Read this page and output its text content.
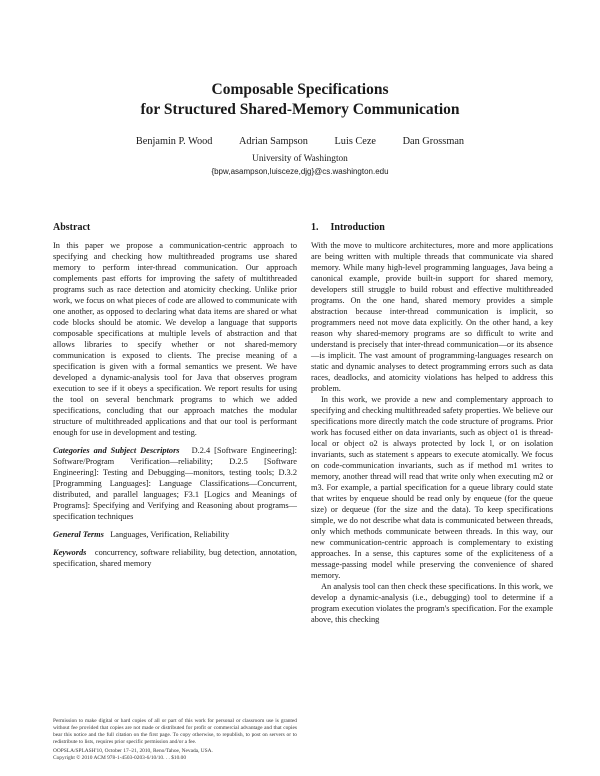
Composable Specifications
for Structured Shared-Memory Communication
Benjamin P. Wood	Adrian Sampson	Luis Ceze	Dan Grossman
University of Washington
{bpw,asampson,luisceze,djg}@cs.washington.edu
Abstract

In this paper we propose a communication-centric approach to specifying and checking how multithreaded programs use shared memory to perform inter-thread communication. Our approach complements past efforts for improving the safety of multithreaded programs such as race detection and atomicity checking. Unlike prior work, we focus on what pieces of code are allowed to communicate with one another, as opposed to declaring what data items are shared or what code blocks should be atomic. We develop a language that supports composable specifications at multiple levels of abstraction and that allows libraries to specify whether or not shared-memory communication is exposed to clients. The precise meaning of a specification is given with a formal semantics we present. We have developed a dynamic-analysis tool for Java that observes program execution to see if it obeys a specification. We report results for using the tool on several benchmark programs to which we added specifications, concluding that our approach matches the modular structure of multithreaded applications and that our tool is performant enough for use in development and testing.

Categories and Subject Descriptors D.2.4 [Software Engineering]: Software/Program Verification—reliability; D.2.5 [Software Engineering]: Testing and Debugging—monitors, testing tools; D.3.2 [Programming Languages]: Language Classifications—Concurrent, distributed, and parallel languages; F3.1 [Logics and Meanings of Programs]: Specifying and Verifying and Reasoning about programs—specification techniques

General Terms Languages, Verification, Reliability

Keywords concurrency, software reliability, bug detection, annotation, specification, shared memory

Permission to make digital or hard copies of all or part of this work for personal or classroom use is granted without fee provided that copies are not made or distributed for profit or commercial advantage and that copies bear this notice and the full citation on the first page. To copy otherwise, to republish, to post on servers or to redistribute to lists, requires prior specific permission and/or a fee.

OOPSLA/SPLASH'10, October 17–21, 2010, Reno/Tahoe, Nevada, USA.

Copyright © 2010 ACM 978-1-4503-0203-6/10/10. . . $10.00

1. Introduction

With the move to multicore architectures, more and more applications are being written with multiple threads that communicate via shared memory. While many high-level programming languages, Java being a canonical example, provide built-in support for shared memory, developers still struggle to build robust and effective multithreaded programs. On the one hand, shared memory provides a simple abstraction because inter-thread communication is implicit, so programmers need not move data explicitly. On the other hand, a key reason why shared-memory programs are so difficult to write and understand is precisely that inter-thread communication—or its absence—is implicit. The vast amount of programming-languages research on static and dynamic analyses to detect programming errors such as data races, deadlocks, and atomicity violations has helped to address this problem.

In this work, we provide a new and complementary approach to specifying and checking multithreaded safety properties. We believe our specifications more directly match the code structure of programs. Prior work has focused either on data invariants, such as object o1 is thread-local or object o2 is always protected by lock l, or on isolation invariants, such as statement s appears to execute atomically. We focus on code-communication invariants, such as if method m1 writes to memory, another thread will read that write only when executing m2 or m3. For example, a partial specification for a queue library could state that writes by enqueue should be read only by enqueue (for the queue size) or dequeue (for the size and the data). To keep specifications simple, we do not describe what data is communicated between threads, only which methods communicate between threads. In this way, our new communication-centric approach is complementary to existing approaches. In a sense, this captures some of the expliciteness of a message-passing model while preserving the convenience of shared memory.

An analysis tool can then check these specifications. In this work, we develop a dynamic-analysis (i.e., debugging) tool to determine if a program execution violates the program's specification. For the example above, this checking
